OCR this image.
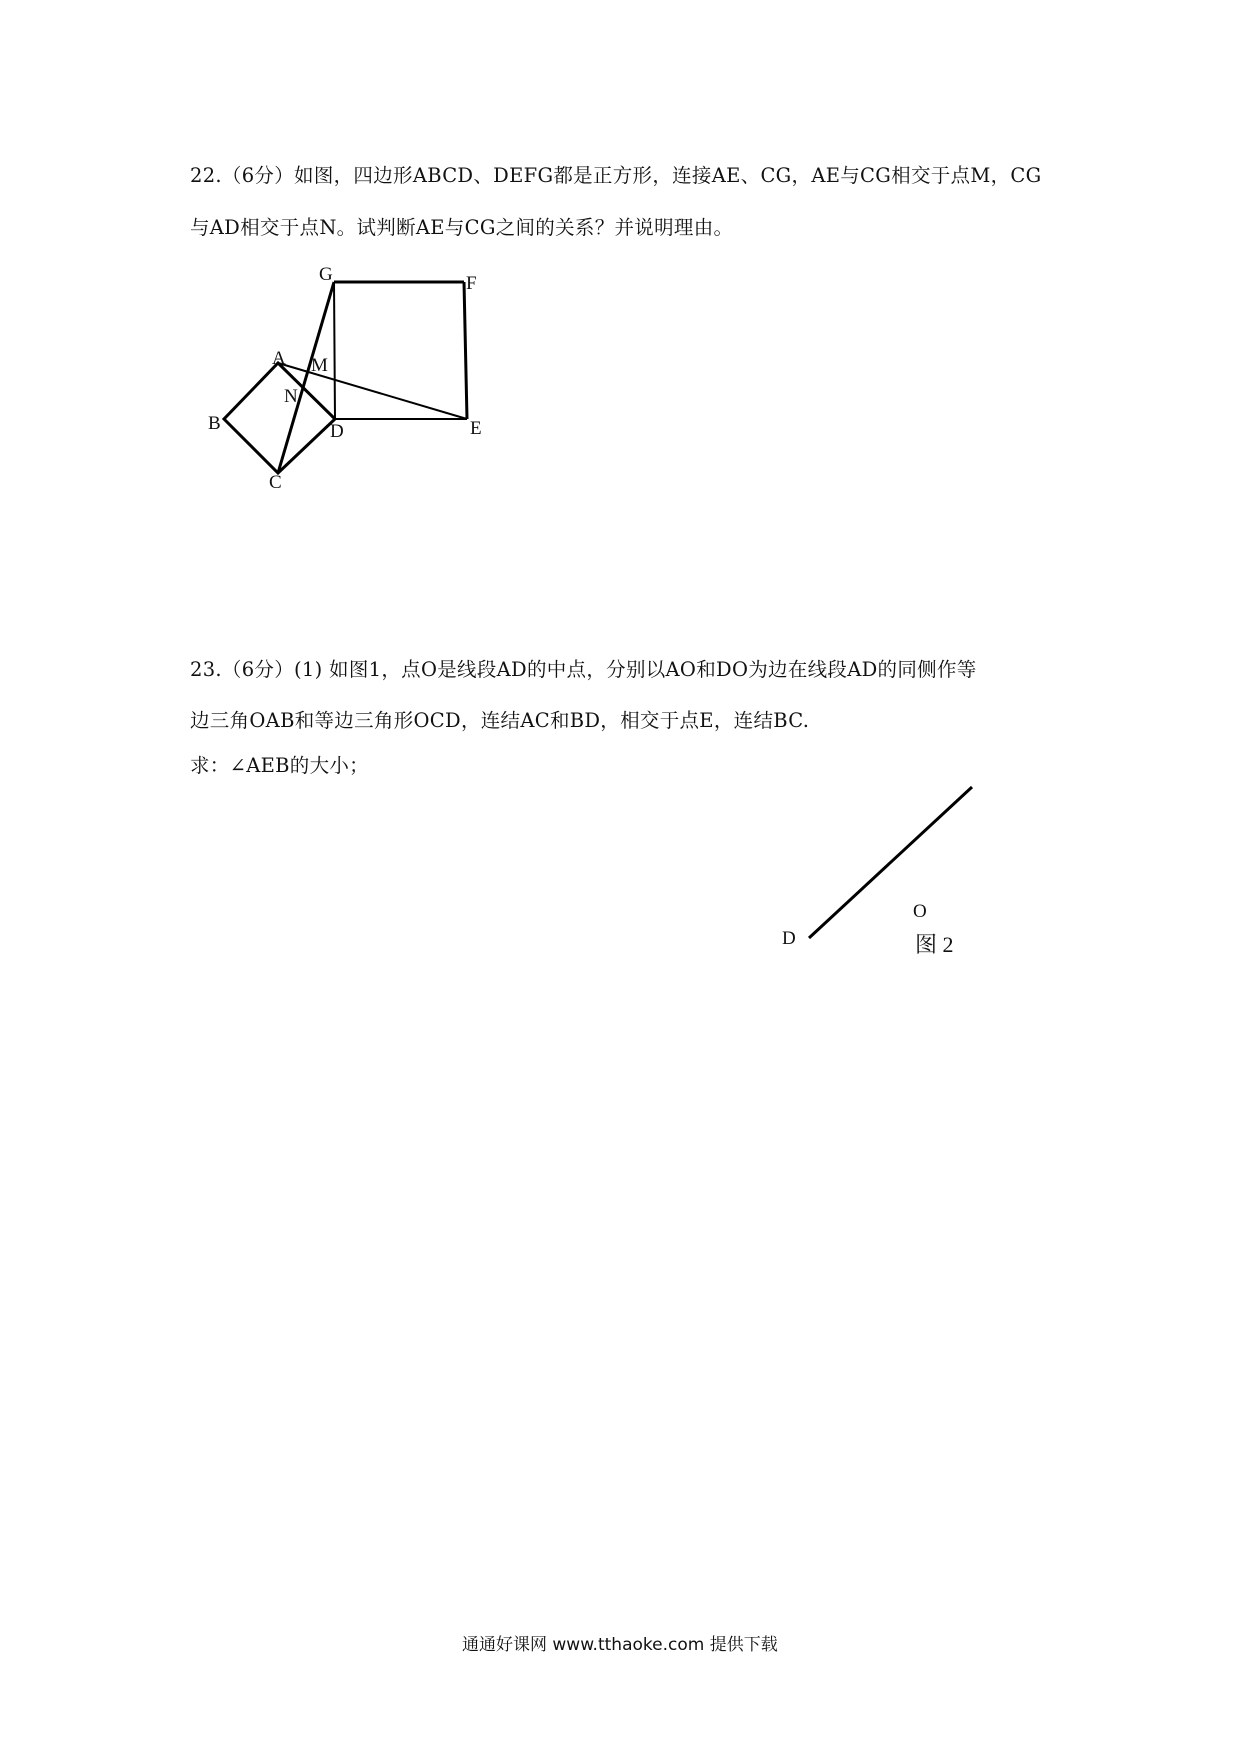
22.（6分）如图，四边形ABCD、DEFG都是正方形，连接AE、CG，AE与CG相交于点M，CG
与AD相交于点N。试判断AE与CG之间的关系？并说明理由。
G	F
A M
N
B	D	E
C
23.（6分）(1) 如图1，点O是线段AD的中点，分别以AO和DO为边在线段AD的同侧作等
边三角OAB和等边三角形OCD，连结AC和BD，相交于点E，连结BC.
求：∠AEB的大小；
O
D	图 2
通通好课网 www.tthaoke.com 提供下载
